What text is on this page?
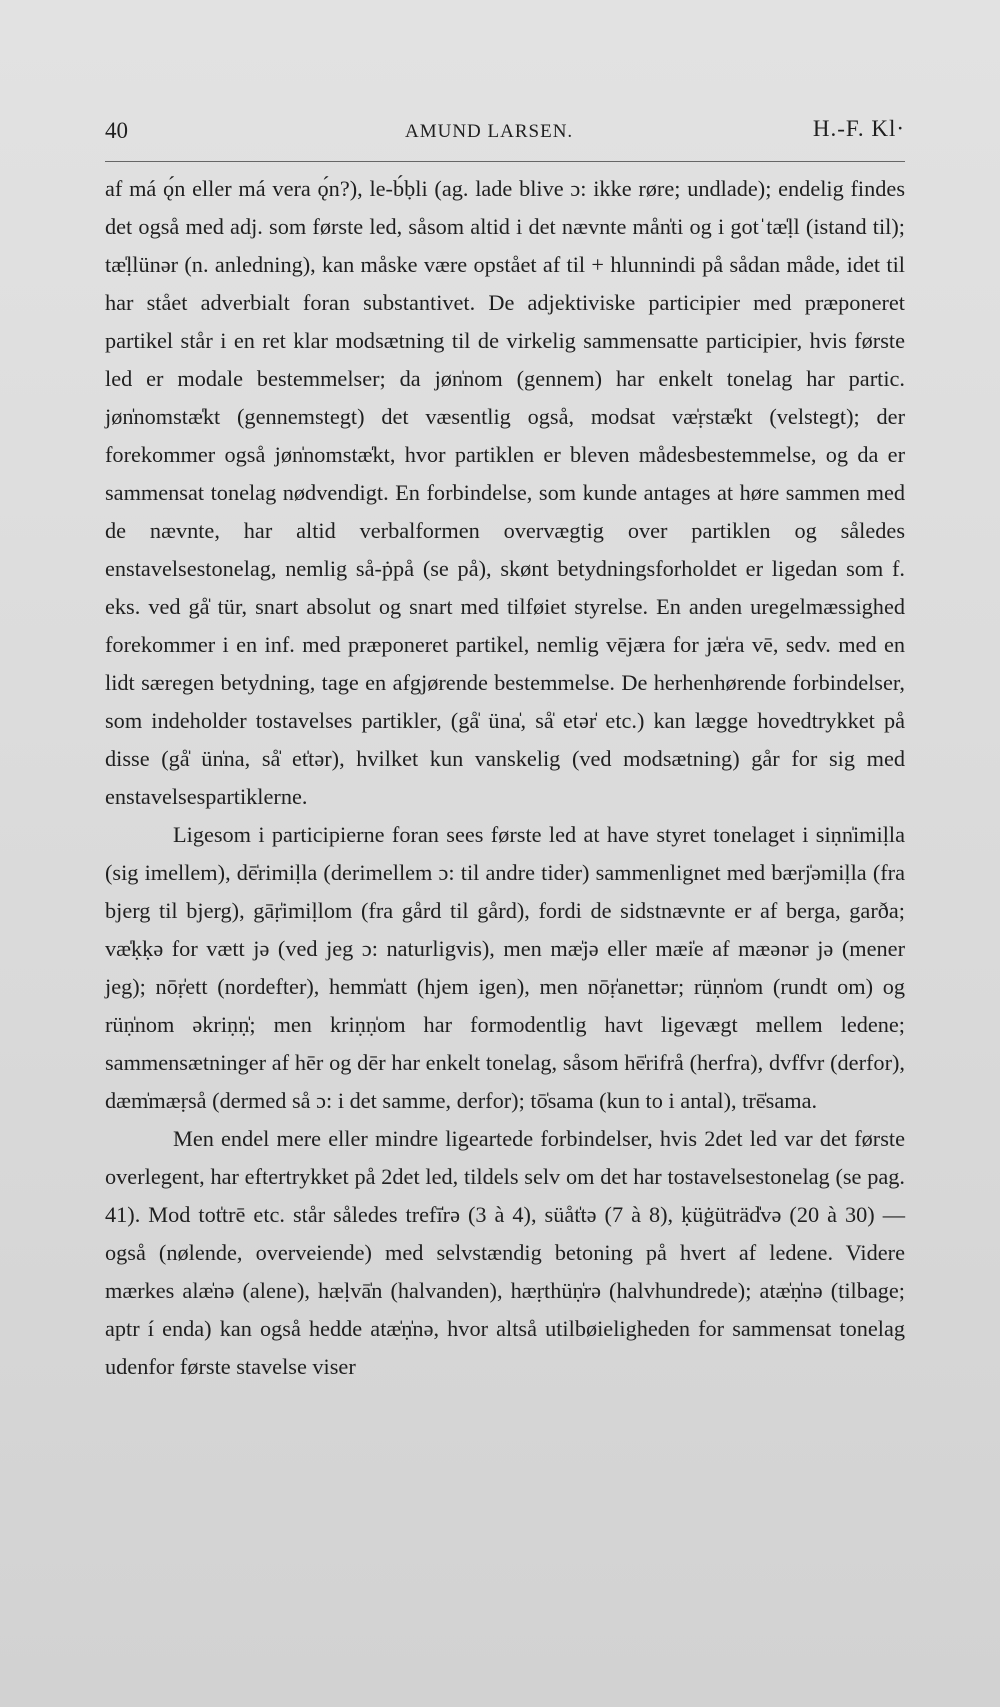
40	AMUND LARSEN.	H.-F. Kl·

af má ǫ́n eller má vera ǫ́n?), le-b́ḅli (ag. lade blive ɔ: ikke røre; undlade); endelig findes det også med adj. som første led, såsom altid i det nævnte mån̍ti og i gotˈtæ̍ḷl (istand til); tæ̍ḷlünər (n. anledning), kan måske være opstået af til + hlunnindi på sådan måde, idet til har stået adverbialt foran substantivet. De adjektiviske participier med præponeret partikel står i en ret klar modsætning til de virkelig sammensatte participier, hvis første led er modale bestemmelser; da jøn̍nom (gennem) har enkelt tonelag har partic. jøn̍nomstæ̍kt (gennemstegt) det væsentlig også, modsat væ̍ṛstæ̍kt (velstegt); der forekommer også jøn̍nomstæ̍kt, hvor partiklen er bleven mådesbestemmelse, og da er sammensat tonelag nødvendigt. En forbindelse, som kunde antages at høre sammen med de nævnte, har altid verbalformen overvægtig over partiklen og således enstavelsestonelag, nemlig så-ṗpå (se på), skønt betydningsforholdet er ligedan som f. eks. ved gå̍ tür, snart absolut og snart med tilføiet styrelse. En anden uregelmæssighed forekommer i en inf. med præponeret partikel, nemlig vējæra for jæ̍ra vē, sedv. med en lidt særegen betydning, tage en afgjørende bestemmelse. De herhenhørende forbindelser, som indeholder tostavelses partikler, (gå̍ üna̍, så̍ etər̍ etc.) kan lægge hovedtrykket på disse (gå̍ ün̍na, så̍ et̍tər), hvilket kun vanskelig (ved modsætning) går for sig med enstavelsespartiklerne.

Ligesom i participierne foran sees første led at have styret tonelaget i siṇn̍imiḷla (sig imellem), dē̍rimiḷla (derimellem ɔ: til andre tider) sammenlignet med bærj̍əmiḷla (fra bjerg til bjerg), gāṛ̍imiḷlom (fra gård til gård), fordi de sidstnævnte er af berga, garða; væ̍ḳḳə for vætt jə (ved jeg ɔ: naturligvis), men mæ̍jə eller mæi̍e af mæənər jə (mener jeg); nōṛ̍ett (nordefter), hemm̍att (hjem igen), men nōṛ̍anettər; rüṇn̍om (rundt om) og rüṇ̍nom əkriṇṇ̍; men kriṇṇ̍om har formodentlig havt ligevægt mellem ledene; sammensætninger af hēr og dēr har enkelt tonelag, såsom hē̍rifrå (herfra), dvf̍fvr (derfor), dæm̍mæṛså (dermed så ɔ: i det samme, derfor); tō̍sama (kun to i antal), trē̍sama.

Men endel mere eller mindre ligeartede forbindelser, hvis 2det led var det første overlegent, har eftertrykket på 2det led, tildels selv om det har tostavelsestonelag (se pag. 41). Mod tot̍trē etc. står således trefī̍rə (3 à 4), süåt̍tə (7 à 8), ḳüġüträd̍və (20 à 30) — også (nølende, overveiende) med selvstændig betoning på hvert af ledene. Videre mærkes alæ̍nə (alene), hæḷvā̍n (halvanden), hæṛthüṇ̍rə (halvhundrede); atæ̍ṇ̍nə (tilbage; aptr í enda) kan også hedde atæ̍ṇ̍nə, hvor altså utilbøieligheden for sammensat tonelag udenfor første stavelse viser
